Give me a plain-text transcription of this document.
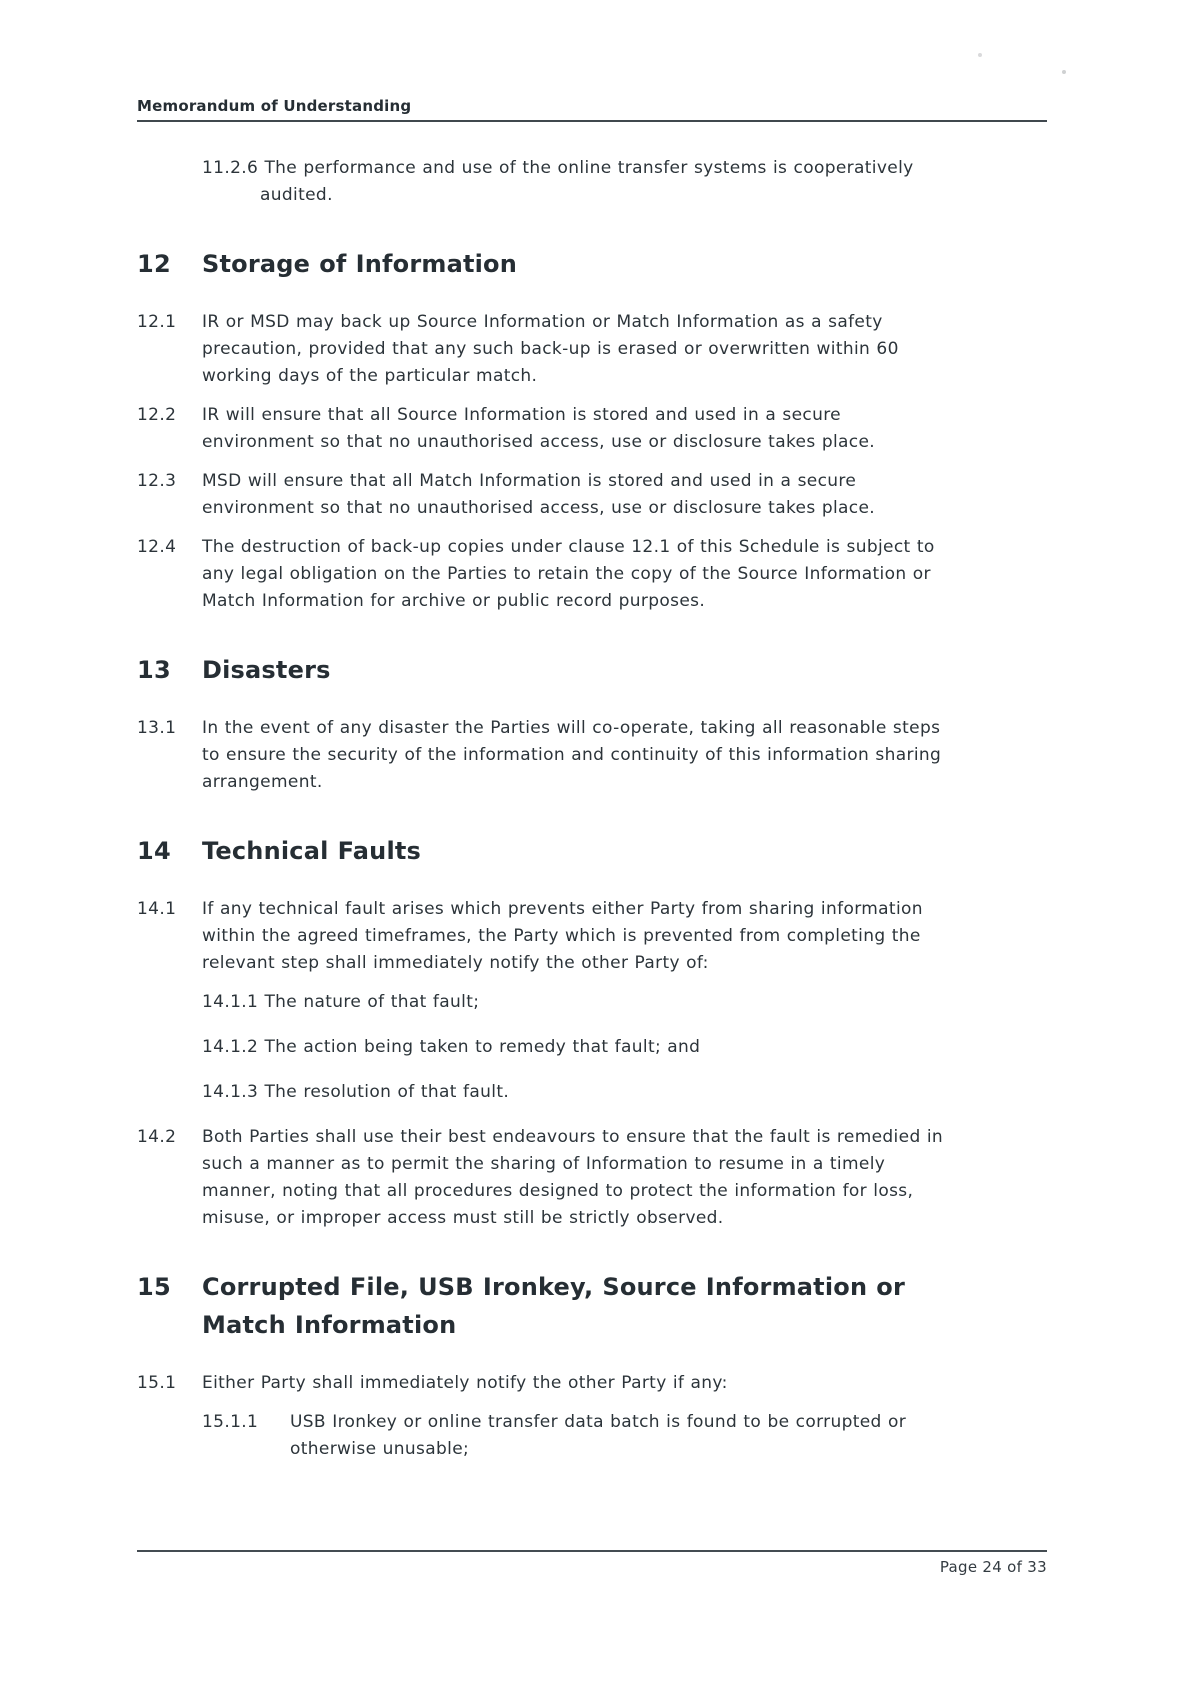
Memorandum of Understanding

11.2.6 The performance and use of the online transfer systems is cooperatively audited.

12	Storage of Information
12.1	IR or MSD may back up Source Information or Match Information as a safety precaution, provided that any such back-up is erased or overwritten within 60 working days of the particular match.

12.2	IR will ensure that all Source Information is stored and used in a secure environment so that no unauthorised access, use or disclosure takes place.

12.3	MSD will ensure that all Match Information is stored and used in a secure environment so that no unauthorised access, use or disclosure takes place.

12.4	The destruction of back-up copies under clause 12.1 of this Schedule is subject to any legal obligation on the Parties to retain the copy of the Source Information or Match Information for archive or public record purposes.

13	Disasters
13.1	In the event of any disaster the Parties will co-operate, taking all reasonable steps to ensure the security of the information and continuity of this information sharing arrangement.

14	Technical Faults
14.1	If any technical fault arises which prevents either Party from sharing information within the agreed timeframes, the Party which is prevented from completing the relevant step shall immediately notify the other Party of:

14.1.1 The nature of that fault;

14.1.2 The action being taken to remedy that fault; and

14.1.3 The resolution of that fault.

14.2	Both Parties shall use their best endeavours to ensure that the fault is remedied in such a manner as to permit the sharing of Information to resume in a timely manner, noting that all procedures designed to protect the information for loss, misuse, or improper access must still be strictly observed.

15	Corrupted File, USB Ironkey, Source Information or Match Information
15.1	Either Party shall immediately notify the other Party if any:

15.1.1	USB Ironkey or online transfer data batch is found to be corrupted or otherwise unusable;

Page 24 of 33
